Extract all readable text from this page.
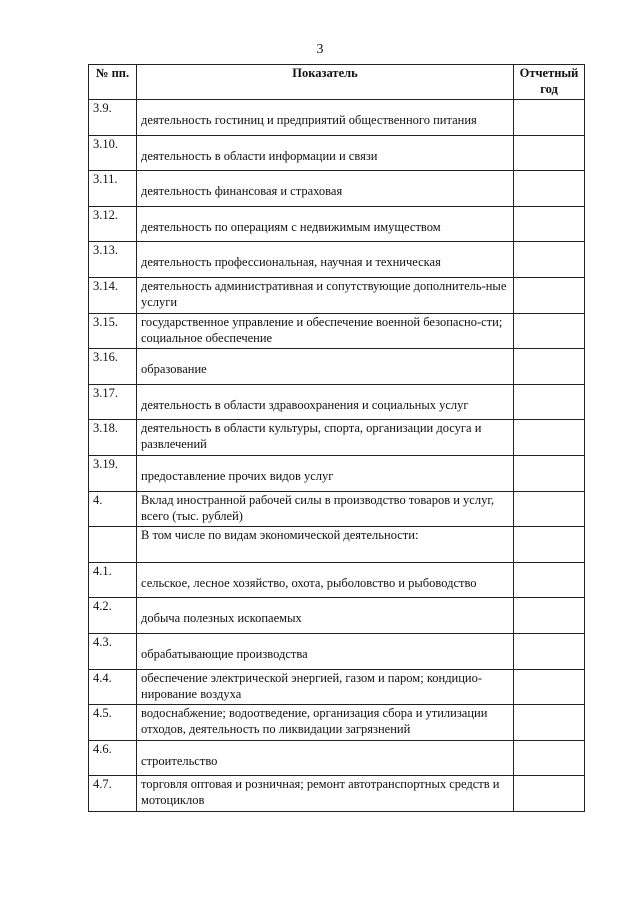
3
№ пп.	Показатель	Отчетный
год
3.9.	деятельность гостиниц и предприятий общественного питания	
3.10.	деятельность в области информации и связи	
3.11.	деятельность финансовая и страховая	
3.12.	деятельность по операциям с недвижимым имуществом	
3.13.	деятельность профессиональная, научная и техническая	
3.14.	деятельность административная и сопутствующие дополнитель-ные услуги	
3.15.	государственное управление и обеспечение военной безопасно-сти; социальное обеспечение	
3.16.	образование	
3.17.	деятельность в области здравоохранения и социальных услуг	
3.18.	деятельность в области культуры, спорта, организации досуга и развлечений	
3.19.	предоставление прочих видов услуг	
4.	Вклад иностранной рабочей силы в производство товаров и услуг, всего (тыс. рублей)	
	В том числе по видам экономической деятельности:	
4.1.	сельское, лесное хозяйство, охота, рыболовство и рыбоводство	
4.2.	добыча полезных ископаемых	
4.3.	обрабатывающие производства	
4.4.	обеспечение электрической энергией, газом и паром; кондицио-нирование воздуха	
4.5.	водоснабжение; водоотведение, организация сбора и утилизации отходов, деятельность по ликвидации загрязнений	
4.6.	строительство	
4.7.	торговля оптовая и розничная; ремонт автотранспортных средств и мотоциклов	
